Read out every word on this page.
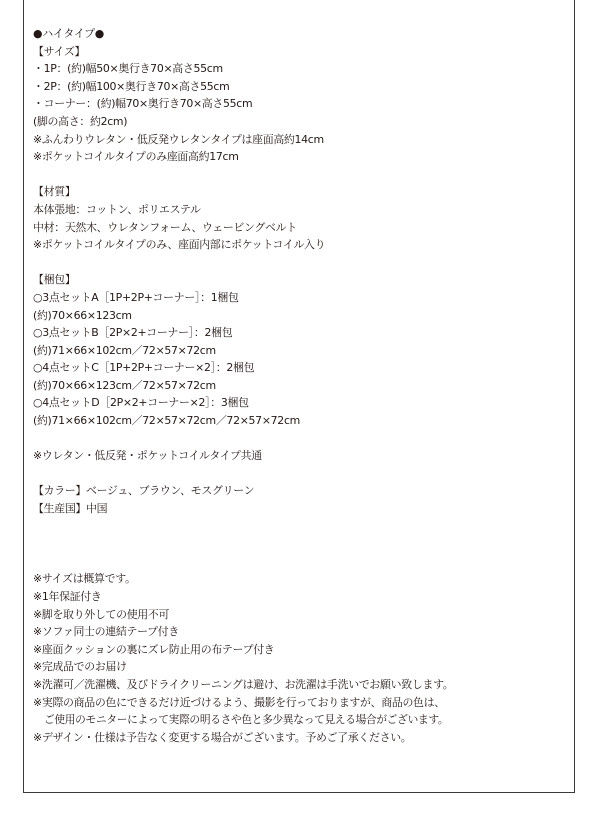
●ハイタイプ●
【サイズ】
・1P：(約)幅50×奥行き70×高さ55cm
・2P：(約)幅100×奥行き70×高さ55cm
・コーナー：(約)幅70×奥行き70×高さ55cm
(脚の高さ：約2cm)
※ふんわりウレタン・低反発ウレタンタイプは座面高約14cm
※ポケットコイルタイプのみ座面高約17cm
【材質】
本体張地：コットン、ポリエステル
中材：天然木、ウレタンフォーム、ウェービングベルト
※ポケットコイルタイプのみ、座面内部にポケットコイル入り
【梱包】
○3点セットA［1P+2P+コーナー］：1梱包
(約)70×66×123cm
○3点セットB［2P×2+コーナー］：2梱包
(約)71×66×102cm／72×57×72cm
○4点セットC［1P+2P+コーナー×2］：2梱包
(約)70×66×123cm／72×57×72cm
○4点セットD［2P×2+コーナー×2］：3梱包
(約)71×66×102cm／72×57×72cm／72×57×72cm
※ウレタン・低反発・ポケットコイルタイプ共通
【カラー】ベージュ、ブラウン、モスグリーン
【生産国】中国
※サイズは概算です。
※1年保証付き
※脚を取り外しての使用不可
※ソファ同士の連結テープ付き
※座面クッションの裏にズレ防止用の布テープ付き
※完成品でのお届け
※洗濯可／洗濯機、及びドライクリーニングは避け、お洗濯は手洗いでお願い致します。
※実際の商品の色にできるだけ近づけるよう、撮影を行っておりますが、商品の色は、
ご使用のモニターによって実際の明るさや色と多少異なって見える場合がございます。
※デザイン・仕様は予告なく変更する場合がございます。予めご了承ください。
